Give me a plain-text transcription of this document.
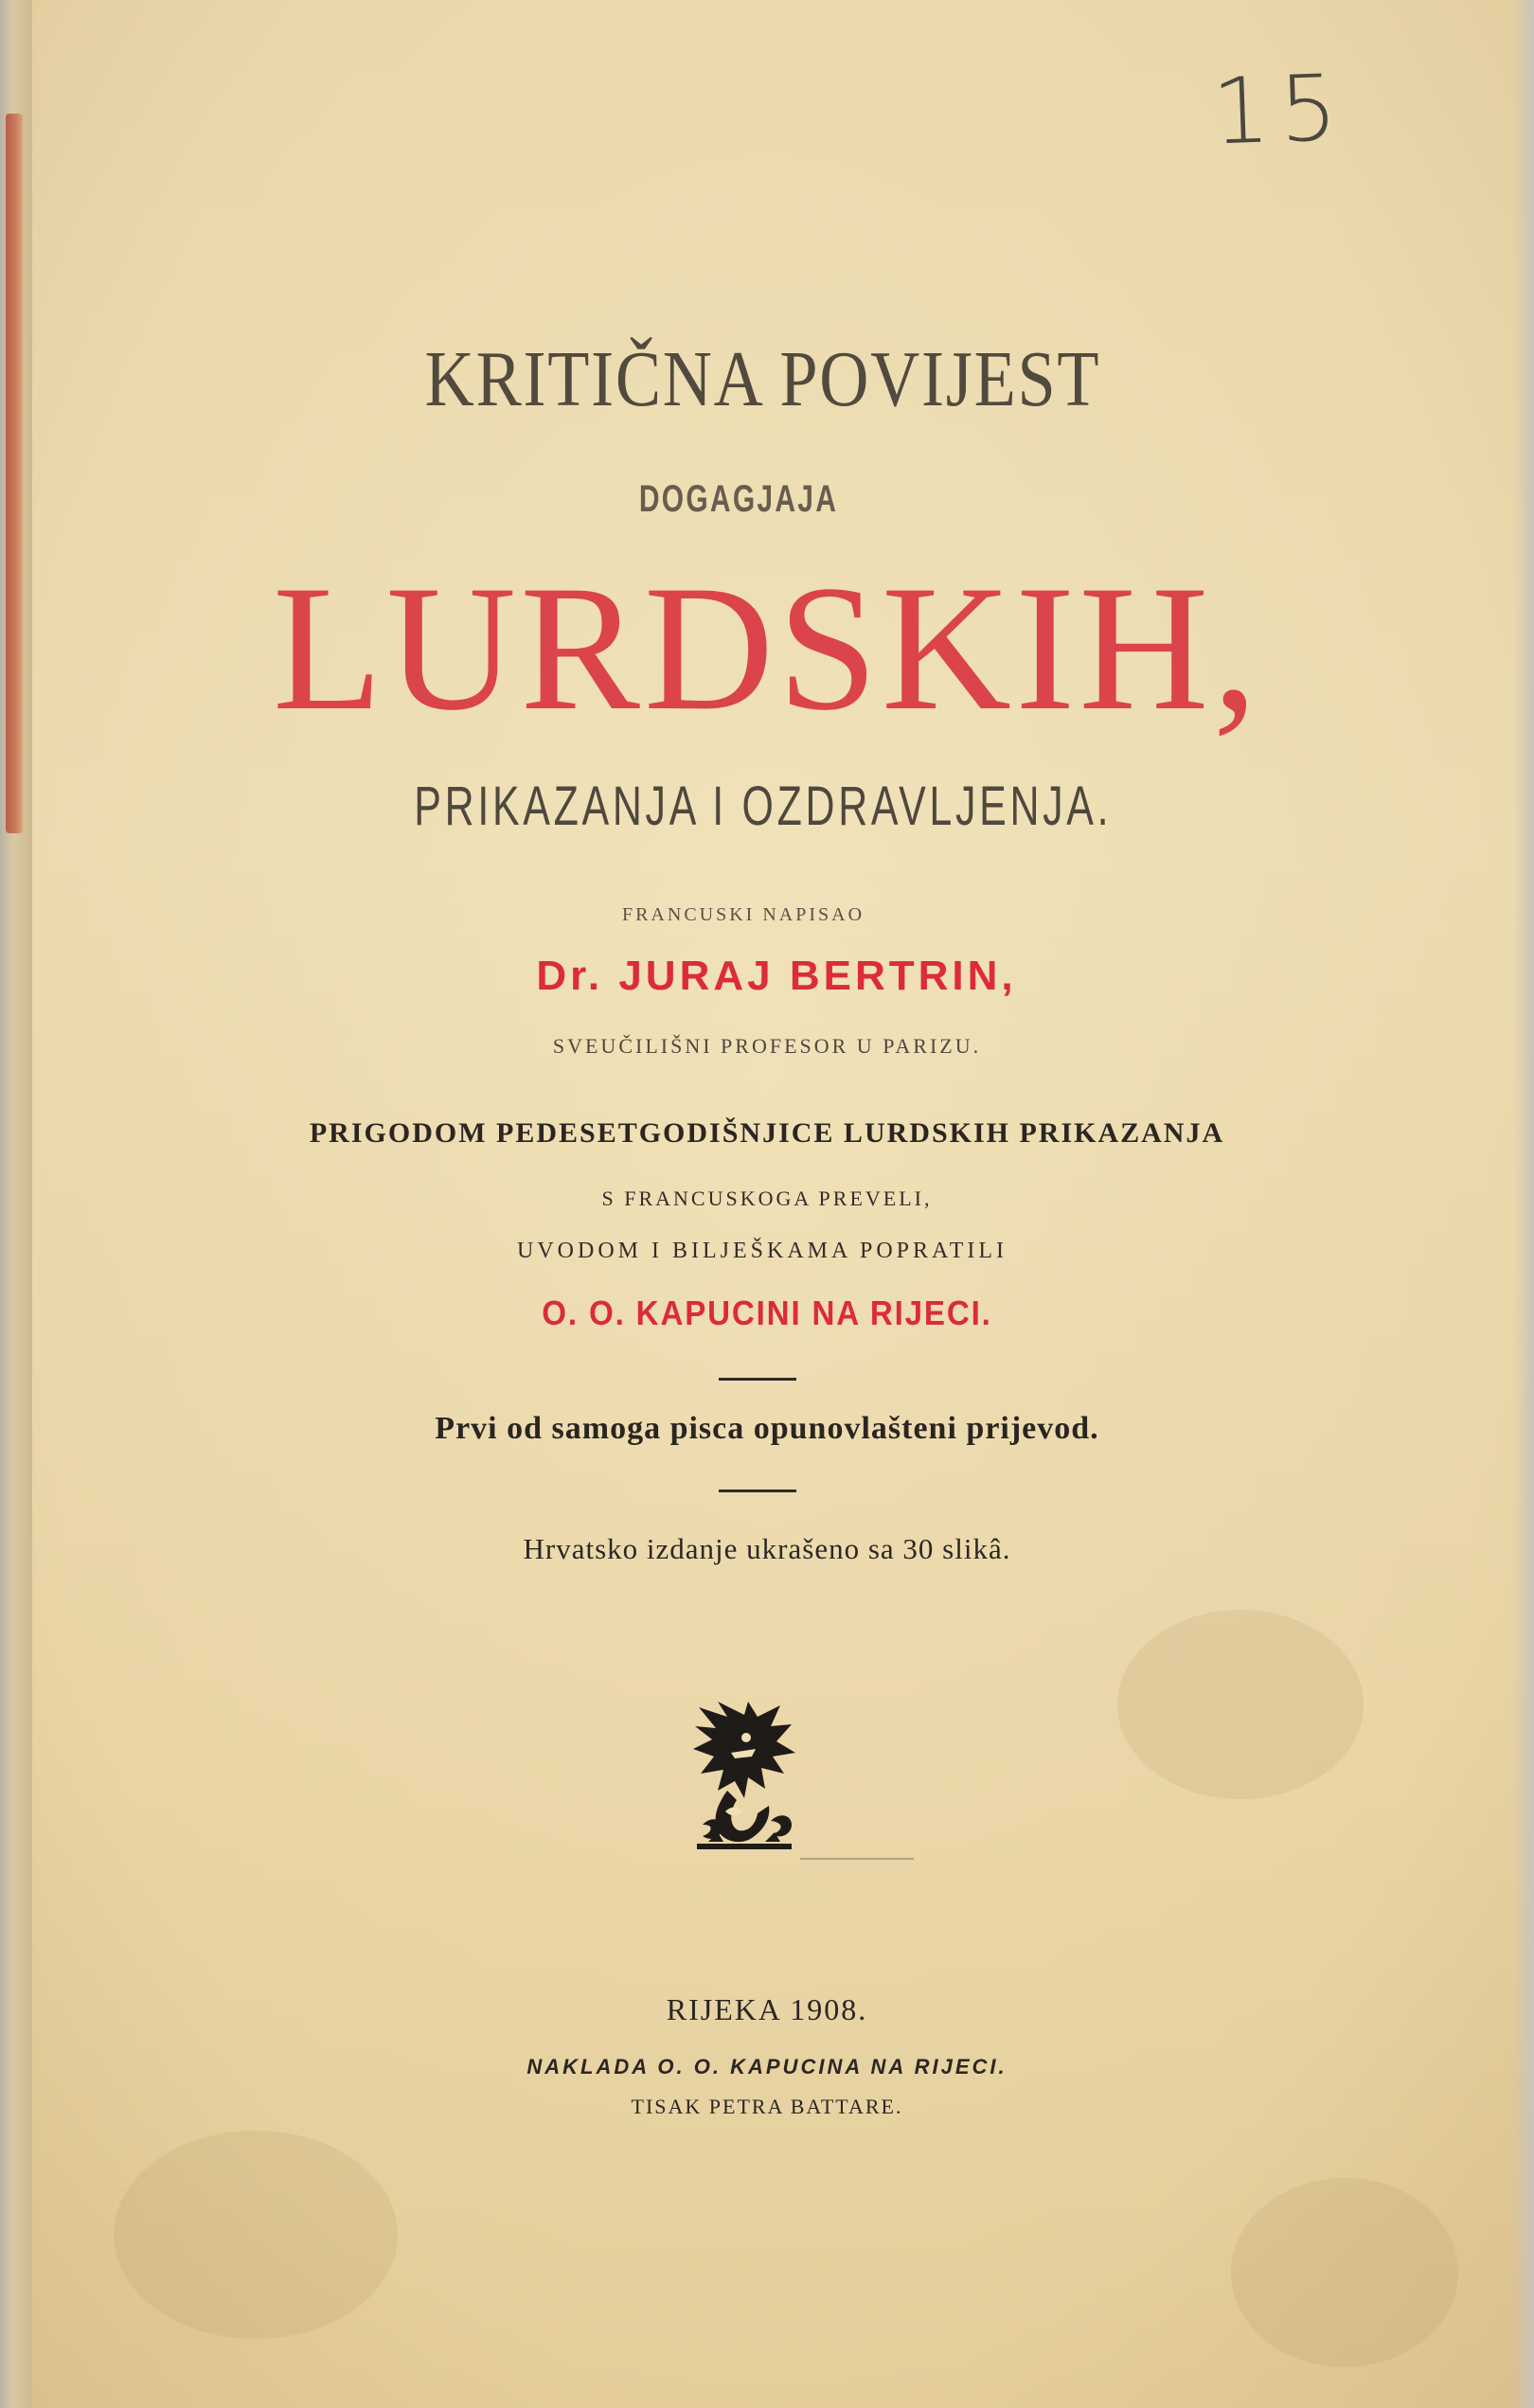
15
KRITIČNA POVIJEST
DOGAGJAJA
LURDSKIH,
PRIKAZANJA I OZDRAVLJENJA.
FRANCUSKI NAPISAO
Dr. JURAJ BERTRIN,
SVEUČILIŠNI PROFESOR U PARIZU.
PRIGODOM PEDESETGODIŠNJICE LURDSKIH PRIKAZANJA
S FRANCUSKOGA PREVELI,
UVODOM I BILJEŠKAMA POPRATILI
O. O. KAPUCINI NA RIJECI.
Prvi od samoga pisca opunovlašteni prijevod.
Hrvatsko izdanje ukrašeno sa 30 slikâ.
RIJEKA 1908.
NAKLADA O. O. KAPUCINA NA RIJECI.
TISAK PETRA BATTARE.
